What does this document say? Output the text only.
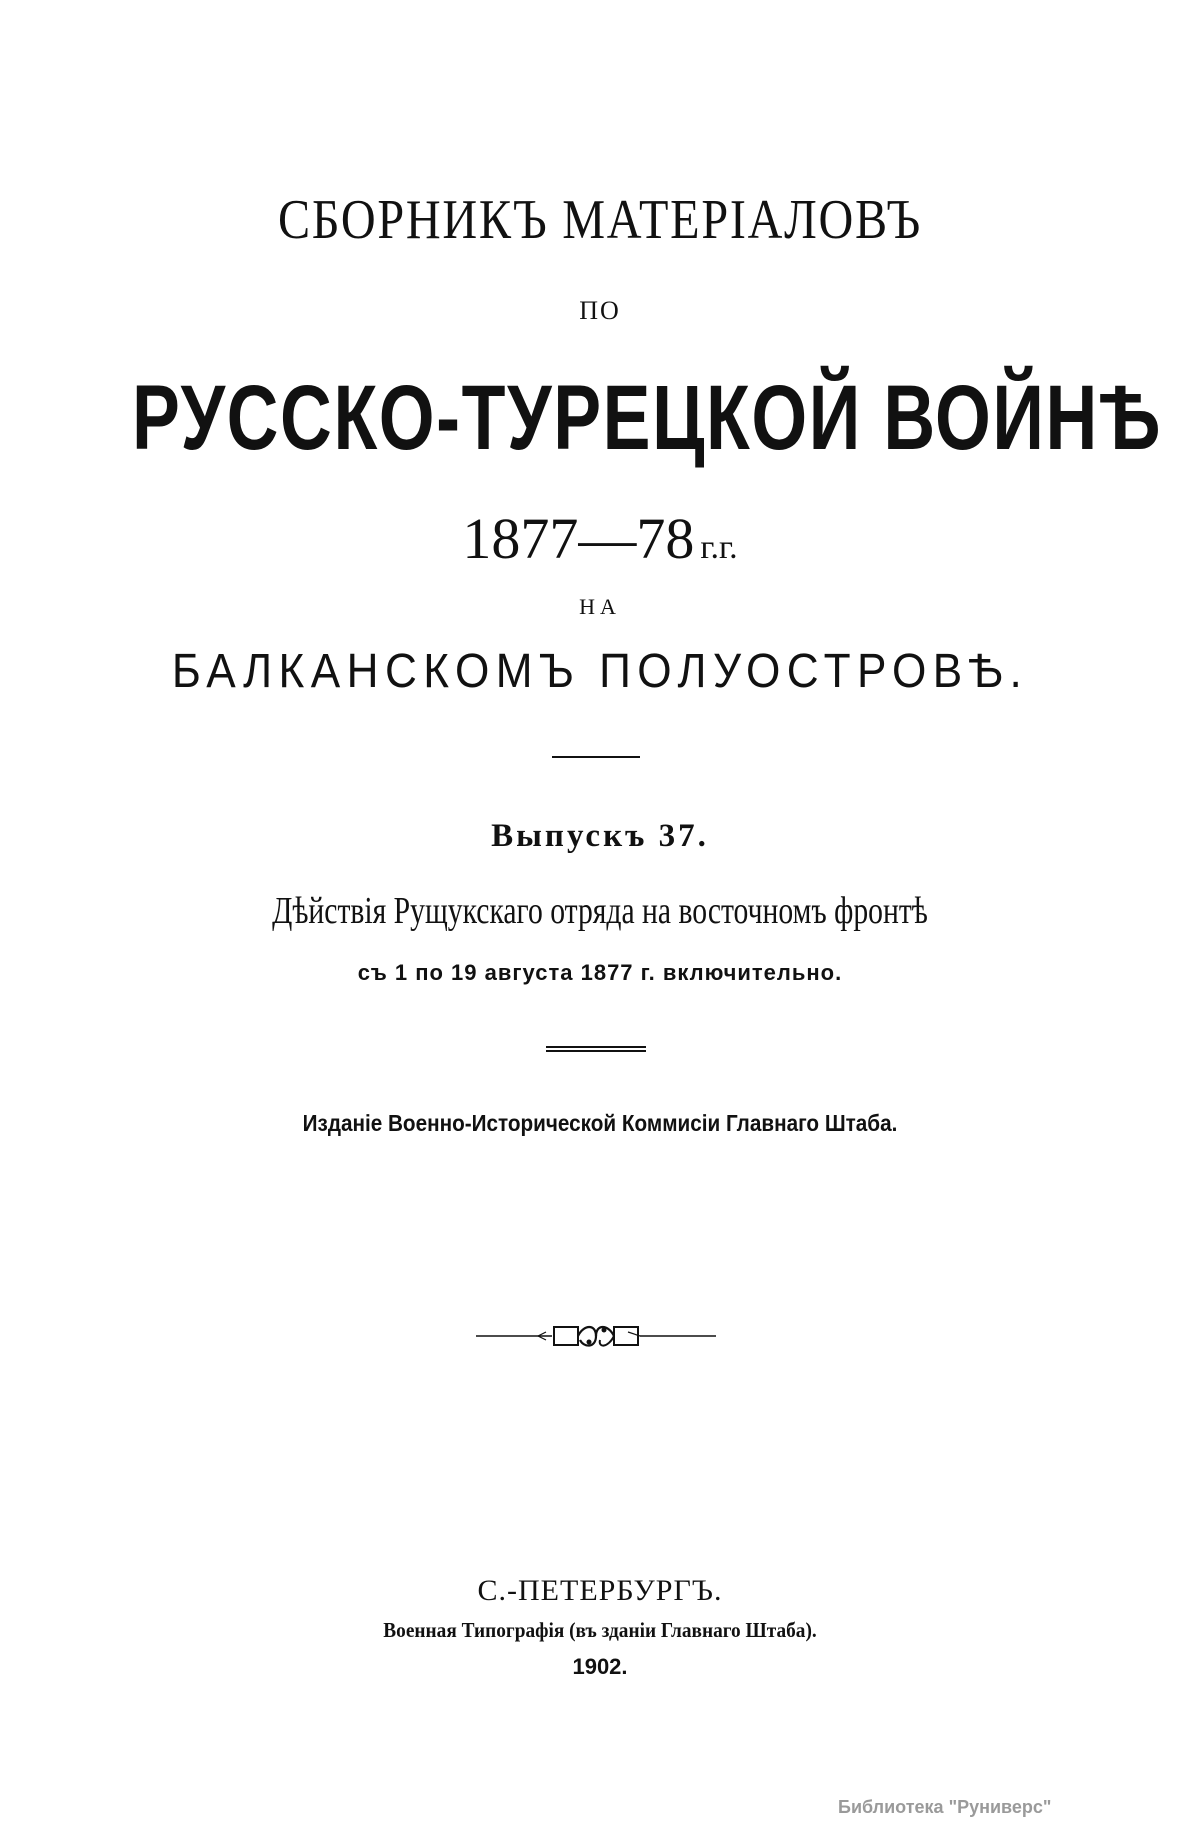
СБОРНИКЪ МАТЕРІАЛОВЪ
ПО
РУССКО-ТУРЕЦКОЙ ВОЙНѢ
1877—78 г.г.
НА
БАЛКАНСКОМЪ ПОЛУОСТРОВѢ.
Выпускъ 37.
Дѣйствія Рущукскаго отряда на восточномъ фронтѣ
съ 1 по 19 августа 1877 г. включительно.
Изданіе Военно-Исторической Коммисіи Главнаго Штаба.
С.-ПЕТЕРБУРГЪ.
Военная Типографія (въ зданіи Главнаго Штаба).
1902.
Библиотека "Руниверс"
